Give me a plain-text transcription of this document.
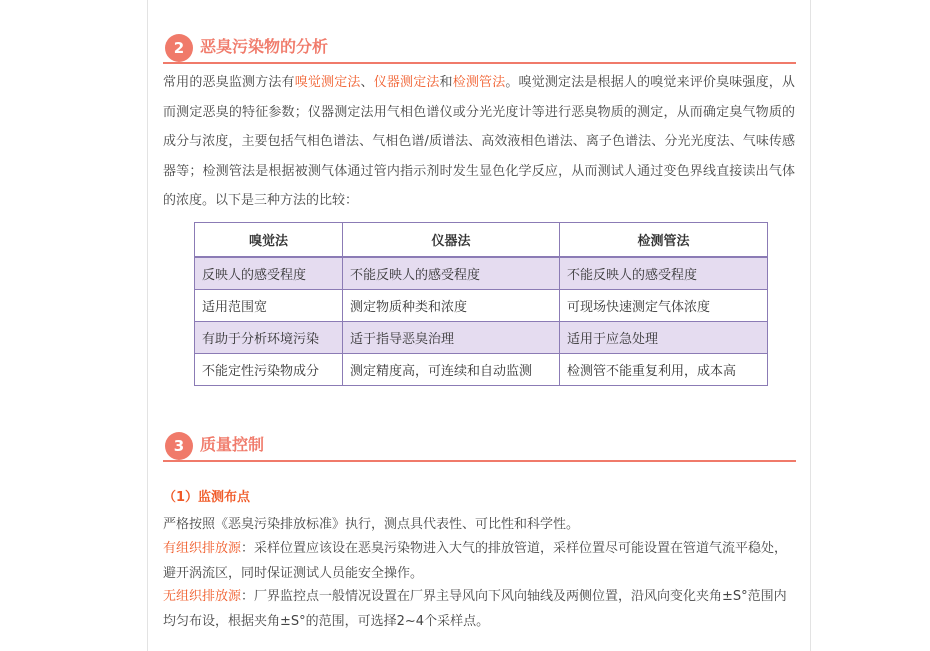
2 恶臭污染物的分析
常用的恶臭监测方法有嗅觉测定法、仪器测定法和检测管法。嗅觉测定法是根据人的嗅觉来评价臭味强度，从而测定恶臭的特征参数；仪器测定法用气相色谱仪或分光光度计等进行恶臭物质的测定，从而确定臭气物质的成分与浓度，主要包括气相色谱法、气相色谱/质谱法、高效液相色谱法、离子色谱法、分光光度法、气味传感器等；检测管法是根据被测气体通过管内指示剂时发生显色化学反应，从而测试人通过变色界线直接读出气体的浓度。以下是三种方法的比较：
嗅觉法	仪器法	检测管法
反映人的感受程度	不能反映人的感受程度	不能反映人的感受程度
适用范围宽	测定物质种类和浓度	可现场快速测定气体浓度
有助于分析环境污染	适于指导恶臭治理	适用于应急处理
不能定性污染物成分	测定精度高，可连续和自动监测	检测管不能重复利用，成本高
3 质量控制
（1）监测布点
严格按照《恶臭污染排放标准》执行，测点具代表性、可比性和科学性。
有组织排放源：采样位置应该设在恶臭污染物进入大气的排放管道，采样位置尽可能设置在管道气流平稳处，避开涡流区，同时保证测试人员能安全操作。
无组织排放源：厂界监控点一般情况设置在厂界主导风向下风向轴线及两侧位置，沿风向变化夹角±S°范围内均匀布设，根据夹角±S°的范围，可选择2~4个采样点。
